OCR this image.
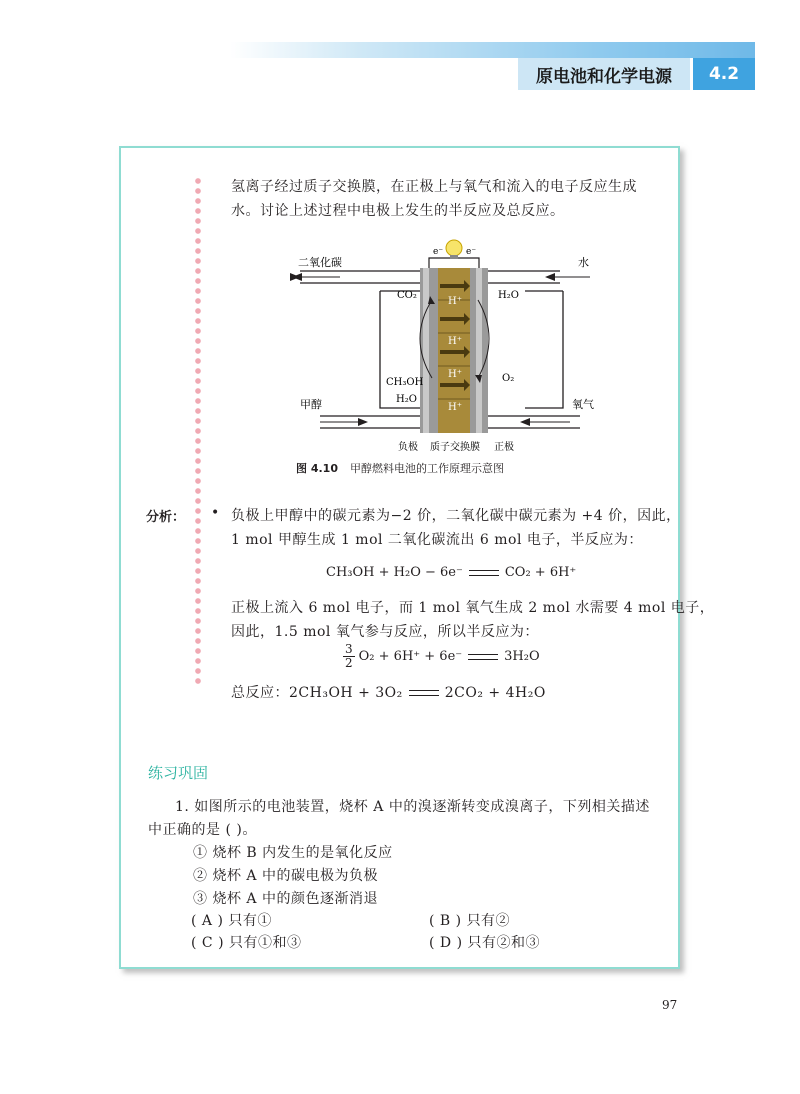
原电池和化学电源	4.2
氢离子经过质子交换膜，在正极上与氧气和流入的电子反应生成
水。讨论上述过程中电极上发生的半反应及总反应。
二氧化碳	水
甲醇	氧气
CO₂	H₂O
CH₃OH
H₂O
O₂
H⁺
H⁺
H⁺
H⁺
e⁻	e⁻
负极 质子交换膜 正极
图 4.10 甲醇燃料电池的工作原理示意图
分析： • 负极上甲醇中的碳元素为−2 价，二氧化碳中碳元素为 +4 价，因此，
1 mol 甲醇生成 1 mol 二氧化碳流出 6 mol 电子，半反应为：
CH₃OH + H₂O − 6e⁻	CO₂ + 6H⁺
正极上流入 6 mol 电子，而 1 mol 氧气生成 2 mol 水需要 4 mol 电子，
因此，1.5 mol 氧气参与反应，所以半反应为：
$\frac{3}{2} O_2 + 6H^+ + 6e^-$	3H₂O
总反应：2CH₃OH + 3O₂	2CO₂ + 4H₂O
练习巩固
1. 如图所示的电池装置，烧杯 A 中的溴逐渐转变成溴离子，下列相关描述
中正确的是 ( )。
① 烧杯 B 内发生的是氧化反应
② 烧杯 A 中的碳电极为负极
③ 烧杯 A 中的颜色逐渐消退
( A ) 只有①	( B ) 只有②
( C ) 只有①和③	( D ) 只有②和③
97
